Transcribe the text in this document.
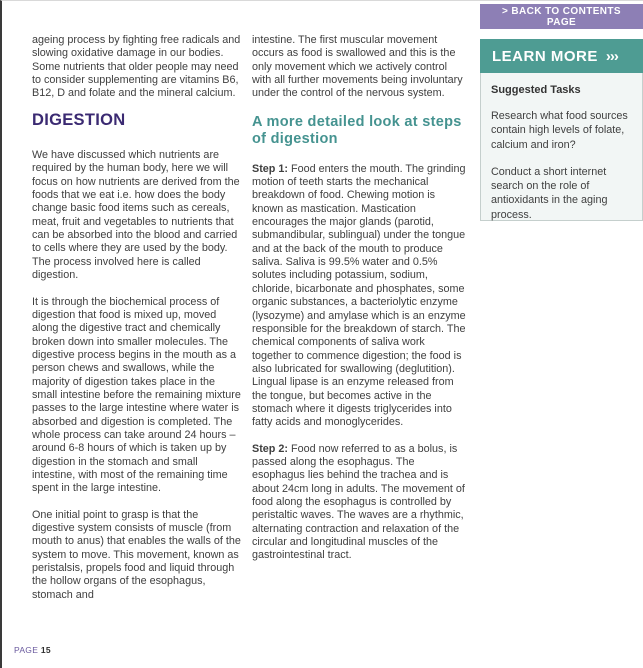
> BACK TO CONTENTS PAGE

ageing process by fighting free radicals and slowing oxidative damage in our bodies. Some nutrients that older people may need to consider supplementing are vitamins B6, B12, D and folate and the mineral calcium.

DIGESTION

We have discussed which nutrients are required by the human body, here we will focus on how nutrients are derived from the foods that we eat i.e. how does the body change basic food items such as cereals, meat, fruit and vegetables to nutrients that can be absorbed into the blood and carried to cells where they are used by the body. The process involved here is called digestion.

It is through the biochemical process of digestion that food is mixed up, moved along the digestive tract and chemically broken down into smaller molecules. The digestive process begins in the mouth as a person chews and swallows, while the majority of digestion takes place in the small intestine before the remaining mixture passes to the large intestine where water is absorbed and digestion is completed. The whole process can take around 24 hours – around 6-8 hours of which is taken up by digestion in the stomach and small intestine, with most of the remaining time spent in the large intestine.

One initial point to grasp is that the digestive system consists of muscle (from mouth to anus) that enables the walls of the system to move. This movement, known as peristalsis, propels food and liquid through the hollow organs of the esophagus, stomach and

intestine. The first muscular movement occurs as food is swallowed and this is the only movement which we actively control with all further movements being involuntary under the control of the nervous system.

A more detailed look at steps of digestion

Step 1: Food enters the mouth. The grinding motion of teeth starts the mechanical breakdown of food. Chewing motion is known as mastication. Mastication encourages the major glands (parotid, submandibular, sublingual) under the tongue and at the back of the mouth to produce saliva. Saliva is 99.5% water and 0.5% solutes including potassium, sodium, chloride, bicarbonate and phosphates, some organic substances, a bacteriolytic enzyme (lysozyme) and amylase which is an enzyme responsible for the breakdown of starch. The chemical components of saliva work together to commence digestion; the food is also lubricated for swallowing (deglutition). Lingual lipase is an enzyme released from the tongue, but becomes active in the stomach where it digests triglycerides into fatty acids and monoglycerides.

Step 2: Food now referred to as a bolus, is passed along the esophagus. The esophagus lies behind the trachea and is about 24cm long in adults. The movement of food along the esophagus is controlled by peristaltic waves. The waves are a rhythmic, alternating contraction and relaxation of the circular and longitudinal muscles of the gastrointestinal tract.

LEARN MORE ›››

Suggested Tasks

Research what food sources contain high levels of folate, calcium and iron?

Conduct a short internet search on the role of antioxidants in the aging process.

PAGE 15
